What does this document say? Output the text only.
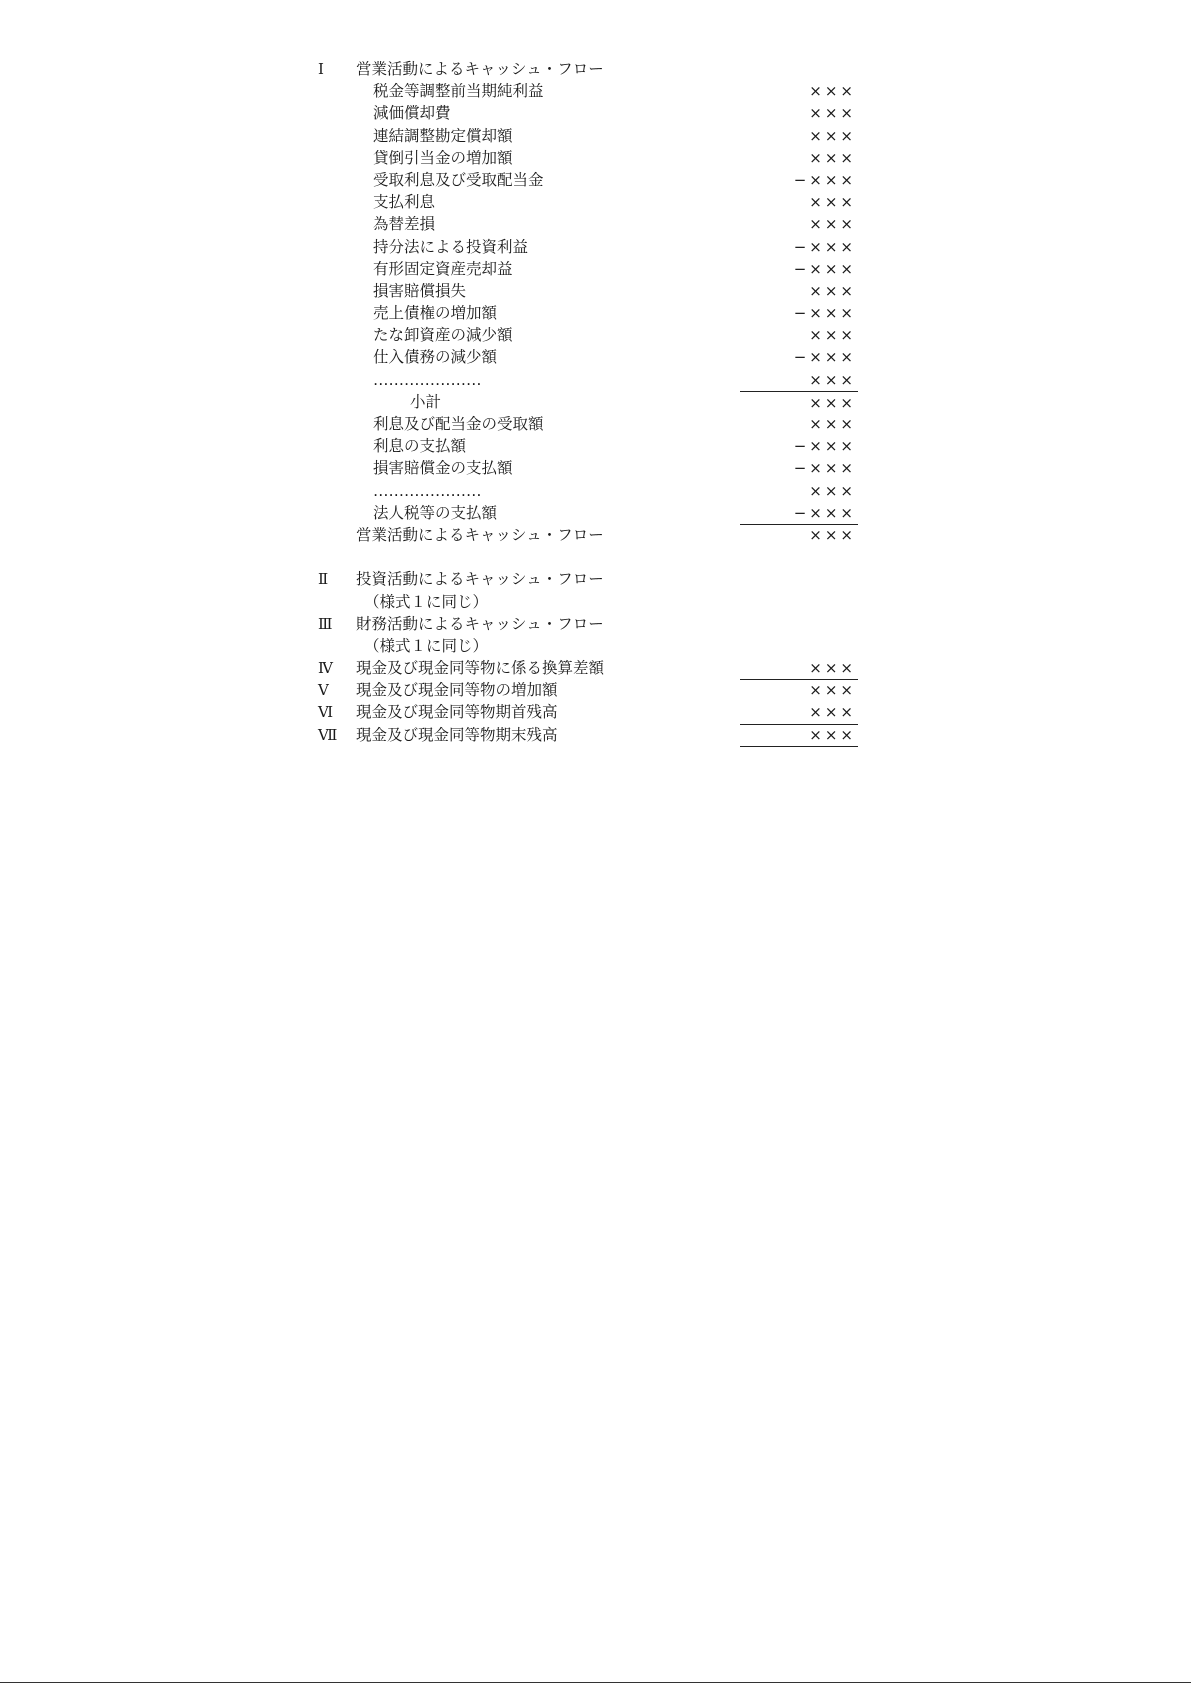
Ⅰ	営業活動によるキャッシュ・フロー
税金等調整前当期純利益	×××
減価償却費	×××
連結調整勘定償却額	×××
貸倒引当金の増加額	×××
受取利息及び受取配当金	−×××
支払利息	×××
為替差損	×××
持分法による投資利益	−×××
有形固定資産売却益	−×××
損害賠償損失	×××
売上債権の増加額	−×××
たな卸資産の減少額	×××
仕入債務の減少額	−×××
…………………	×××
小計	×××
利息及び配当金の受取額	×××
利息の支払額	−×××
損害賠償金の支払額	−×××
…………………	×××
法人税等の支払額	−×××
営業活動によるキャッシュ・フロー	×××
Ⅱ	投資活動によるキャッシュ・フロー
（様式１に同じ）
Ⅲ	財務活動によるキャッシュ・フロー
（様式１に同じ）
Ⅳ	現金及び現金同等物に係る換算差額	×××
Ⅴ	現金及び現金同等物の増加額	×××
Ⅵ	現金及び現金同等物期首残高	×××
Ⅶ	現金及び現金同等物期末残高	×××
